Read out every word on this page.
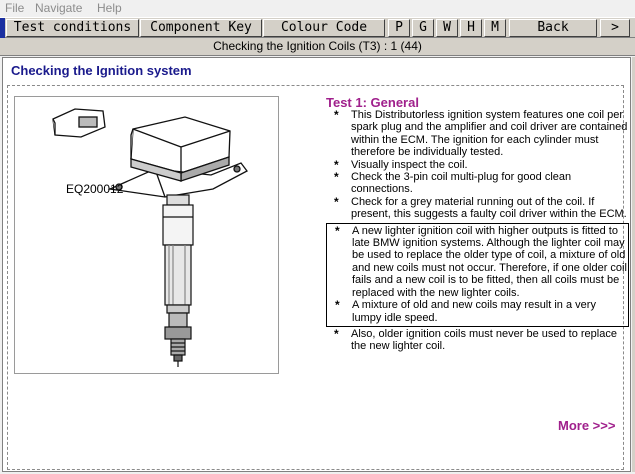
File Navigate Help
Test conditions	Component Key	Colour Code	P	G	W	H	M	Back	>
Checking the Ignition Coils (T3) : 1 (44)
Checking the Ignition system
EQ200012
Test 1: General
* This Distributorless ignition system features one coil per spark plug and the amplifier and coil driver are contained within the ECM. The ignition for each cylinder must therefore be individually tested.
* Visually inspect the coil.
* Check the 3-pin coil multi-plug for good clean connections.
* Check for a grey material running out of the coil. If present, this suggests a faulty coil driver within the ECM.
* A new lighter ignition coil with higher outputs is fitted to late BMW ignition systems. Although the lighter coil may be used to replace the older type of coil, a mixture of old and new coils must not occur. Therefore, if one older coil fails and a new coil is to be fitted, then all coils must be replaced with the new lighter coils.
* A mixture of old and new coils may result in a very lumpy idle speed.
* Also, older ignition coils must never be used to replace the new lighter coil.
More >>>
